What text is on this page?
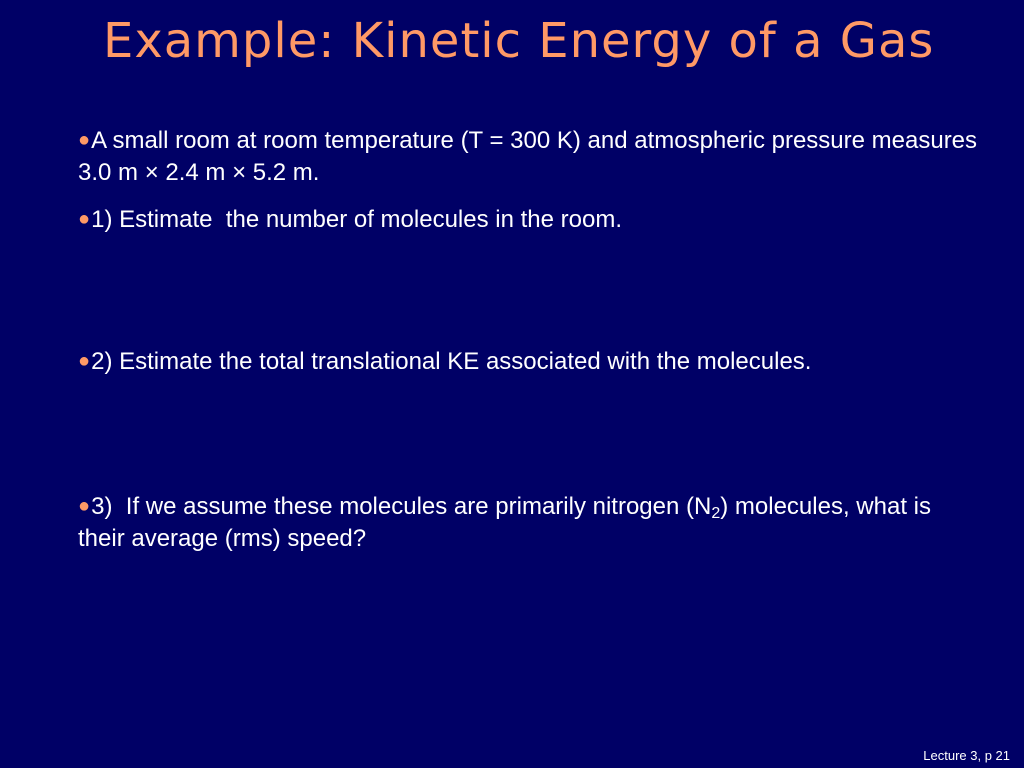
Example: Kinetic Energy of a Gas
●A small room at room temperature (T = 300 K) and atmospheric pressure measures 3.0 m × 2.4 m × 5.2 m.
●1) Estimate  the number of molecules in the room.
●2) Estimate the total translational KE associated with the molecules.
●3)  If we assume these molecules are primarily nitrogen $(N_2)$ molecules, what is their average (rms) speed?
Lecture 3, p 21
